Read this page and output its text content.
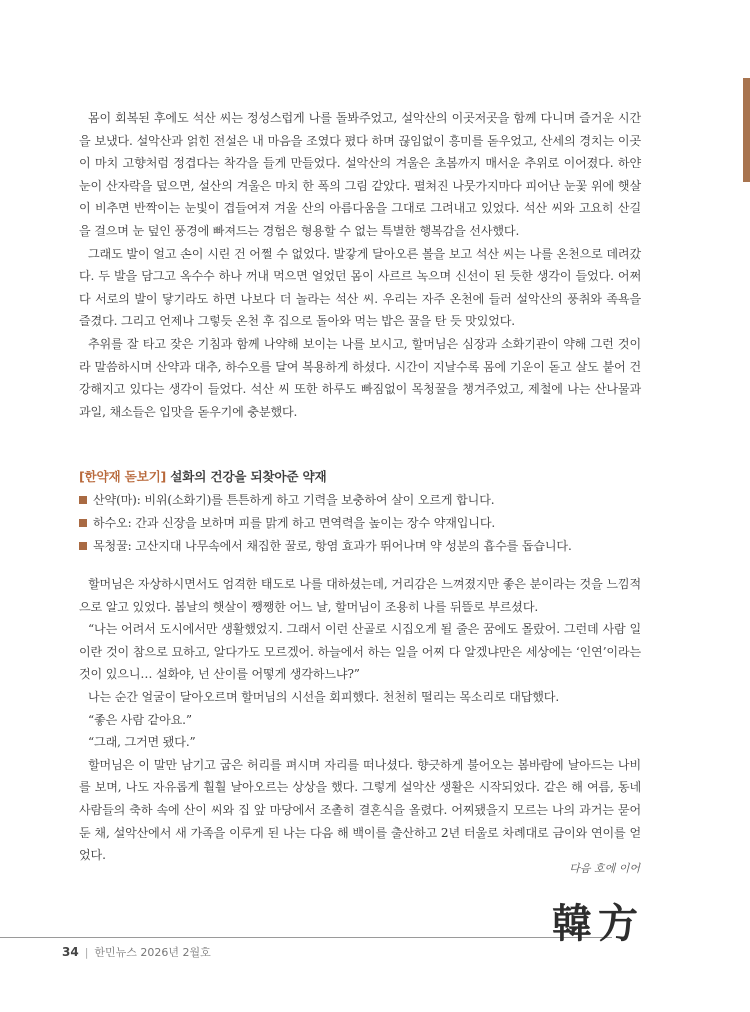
몸이 회복된 후에도 석산 씨는 정성스럽게 나를 돌봐주었고, 설악산의 이곳저곳을 함께 다니며 즐거운 시간을 보냈다. 설악산과 얽힌 전설은 내 마음을 조였다 폈다 하며 끊임없이 흥미를 돋우었고, 산세의 경치는 이곳이 마치 고향처럼 정겹다는 착각을 들게 만들었다. 설악산의 겨울은 초봄까지 매서운 추위로 이어졌다. 하얀 눈이 산자락을 덮으면, 설산의 겨울은 마치 한 폭의 그림 같았다. 펼쳐진 나뭇가지마다 피어난 눈꽃 위에 햇살이 비추면 반짝이는 눈빛이 겹들여져 겨울 산의 아름다움을 그대로 그려내고 있었다. 석산 씨와 고요히 산길을 걸으며 눈 덮인 풍경에 빠져드는 경험은 형용할 수 없는 특별한 행복감을 선사했다.

그래도 발이 얼고 손이 시린 건 어쩔 수 없었다. 발갛게 달아오른 볼을 보고 석산 씨는 나를 온천으로 데려갔다. 두 발을 담그고 옥수수 하나 꺼내 먹으면 얼었던 몸이 사르르 녹으며 신선이 된 듯한 생각이 들었다. 어쩌다 서로의 발이 닿기라도 하면 나보다 더 놀라는 석산 씨. 우리는 자주 온천에 들러 설악산의 풍취와 족욕을 즐겼다. 그리고 언제나 그렇듯 온천 후 집으로 돌아와 먹는 밥은 꿀을 탄 듯 맛있었다.

추위를 잘 타고 잦은 기침과 함께 나약해 보이는 나를 보시고, 할머님은 심장과 소화기관이 약해 그런 것이라 말씀하시며 산약과 대추, 하수오를 달여 복용하게 하셨다. 시간이 지날수록 몸에 기운이 돋고 살도 붙어 건강해지고 있다는 생각이 들었다. 석산 씨 또한 하루도 빠짐없이 목청꿀을 챙겨주었고, 제철에 나는 산나물과 과일, 채소들은 입맛을 돋우기에 충분했다.

[한약재 돋보기] 설화의 건강을 되찾아준 약재

산약(마): 비위(소화기)를 튼튼하게 하고 기력을 보충하여 살이 오르게 합니다.

하수오: 간과 신장을 보하며 피를 맑게 하고 면역력을 높이는 장수 약재입니다.

목청꿀: 고산지대 나무속에서 채집한 꿀로, 항염 효과가 뛰어나며 약 성분의 흡수를 돕습니다.

할머님은 자상하시면서도 엄격한 태도로 나를 대하셨는데, 거리감은 느껴졌지만 좋은 분이라는 것을 느낌적으로 알고 있었다. 봄날의 햇살이 쨍쨍한 어느 날, 할머님이 조용히 나를 뒤뜰로 부르셨다.

“나는 어려서 도시에서만 생활했었지. 그래서 이런 산골로 시집오게 될 줄은 꿈에도 몰랐어. 그런데 사람 일이란 것이 참으로 묘하고, 알다가도 모르겠어. 하늘에서 하는 일을 어찌 다 알겠냐만은 세상에는 ‘인연’이라는 것이 있으니… 설화야, 넌 산이를 어떻게 생각하느냐?”

나는 순간 얼굴이 달아오르며 할머님의 시선을 회피했다. 천천히 떨리는 목소리로 대답했다.

“좋은 사람 같아요.”

“그래, 그거면 됐다.”

할머님은 이 말만 남기고 굽은 허리를 펴시며 자리를 떠나셨다. 향긋하게 불어오는 봄바람에 날아드는 나비를 보며, 나도 자유롭게 훨훨 날아오르는 상상을 했다. 그렇게 설악산 생활은 시작되었다. 같은 해 여름, 동네 사람들의 축하 속에 산이 씨와 집 앞 마당에서 조촐히 결혼식을 올렸다. 어찌됐을지 모르는 나의 과거는 묻어둔 채, 설악산에서 새 가족을 이루게 된 나는 다음 해 백이를 출산하고 2년 터울로 차례대로 금이와 연이를 얻었다.

다음 호에 이어
韓方
34 | 한민뉴스 2026년 2월호
